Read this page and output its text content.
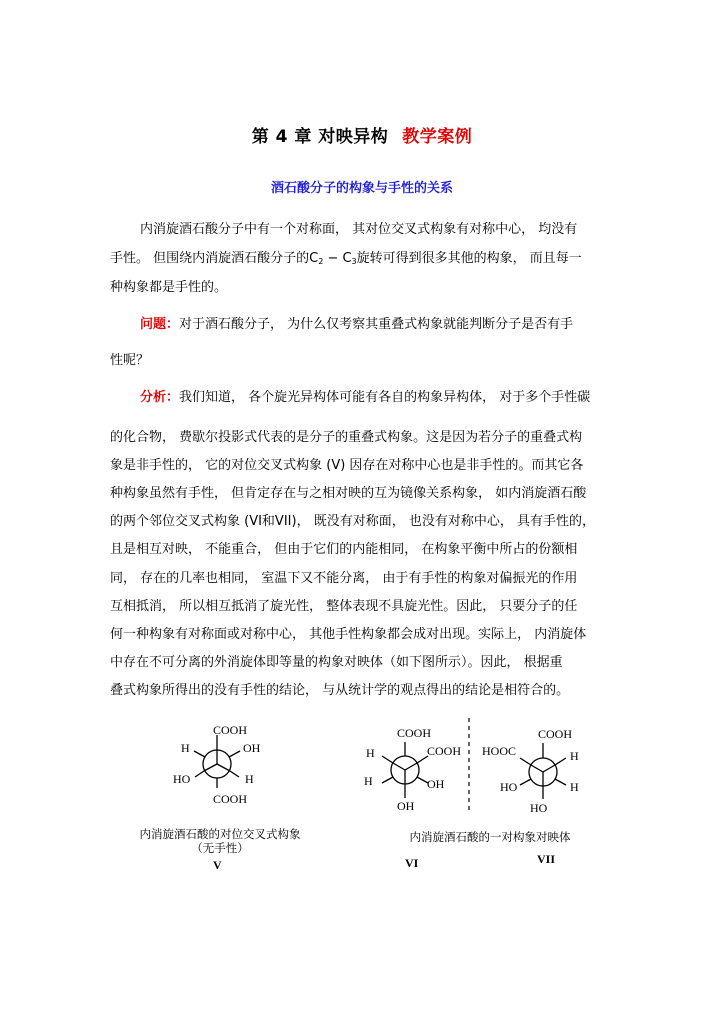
第 4 章 对映异构 教学案例
酒石酸分子的构象与手性的关系
内消旋酒石酸分子中有一个对称面， 其对位交叉式构象有对称中心， 均没有
手性。 但围绕内消旋酒石酸分子的$C_2 - C_3$旋转可得到很多其他的构象， 而且每一
种构象都是手性的。
问题：对于酒石酸分子， 为什么仅考察其重叠式构象就能判断分子是否有手
性呢？
分析：我们知道， 各个旋光异构体可能有各自的构象异构体， 对于多个手性碳
的化合物， 费歇尔投影式代表的是分子的重叠式构象。这是因为若分子的重叠式构
象是非手性的， 它的对位交叉式构象 (V) 因存在对称中心也是非手性的。而其它各
种构象虽然有手性， 但肯定存在与之相对映的互为镜像关系构象， 如内消旋酒石酸
的两个邻位交叉式构象 (VI和VII)， 既没有对称面， 也没有对称中心， 具有手性的，
且是相互对映， 不能重合， 但由于它们的内能相同， 在构象平衡中所占的份额相
同， 存在的几率也相同， 室温下又不能分离， 由于有手性的构象对偏振光的作用
互相抵消， 所以相互抵消了旋光性， 整体表现不具旋光性。因此， 只要分子的任
何一种构象有对称面或对称中心， 其他手性构象都会成对出现。实际上， 内消旋体
中存在不可分离的外消旋体即等量的构象对映体（如下图所示）。因此， 根据重
叠式构象所得出的没有手性的结论， 与从统计学的观点得出的结论是相符合的。
COOH
H	OH
HO	H
COOH
COOH
H	COOH
H	OH
OH
COOH
HOOC	H
HO	H
HO
内消旋酒石酸的对位交叉式构象
（无手性）
内消旋酒石酸的一对构象对映体
V	VI	VII
